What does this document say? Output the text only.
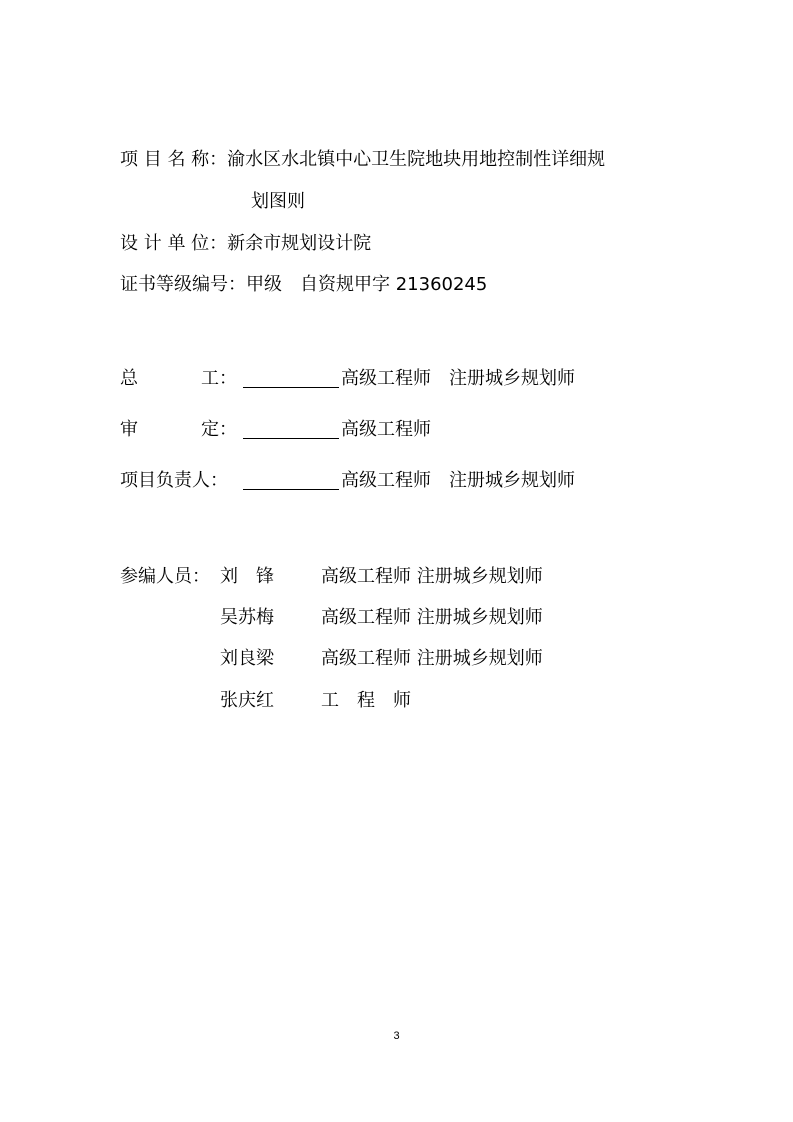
项 目 名 称：渝水区水北镇中心卫生院地块用地控制性详细规
划图则
设 计 单 位：新余市规划设计院
证书等级编号：甲级　自资规甲字 21360245
总	工：	高级工程师　注册城乡规划师
审	定：	高级工程师
项目负责人：	高级工程师　注册城乡规划师
参编人员： 刘　锋	高级工程师 注册城乡规划师
吴苏梅	高级工程师 注册城乡规划师
刘良梁	高级工程师 注册城乡规划师
张庆红	工　程　师
3
